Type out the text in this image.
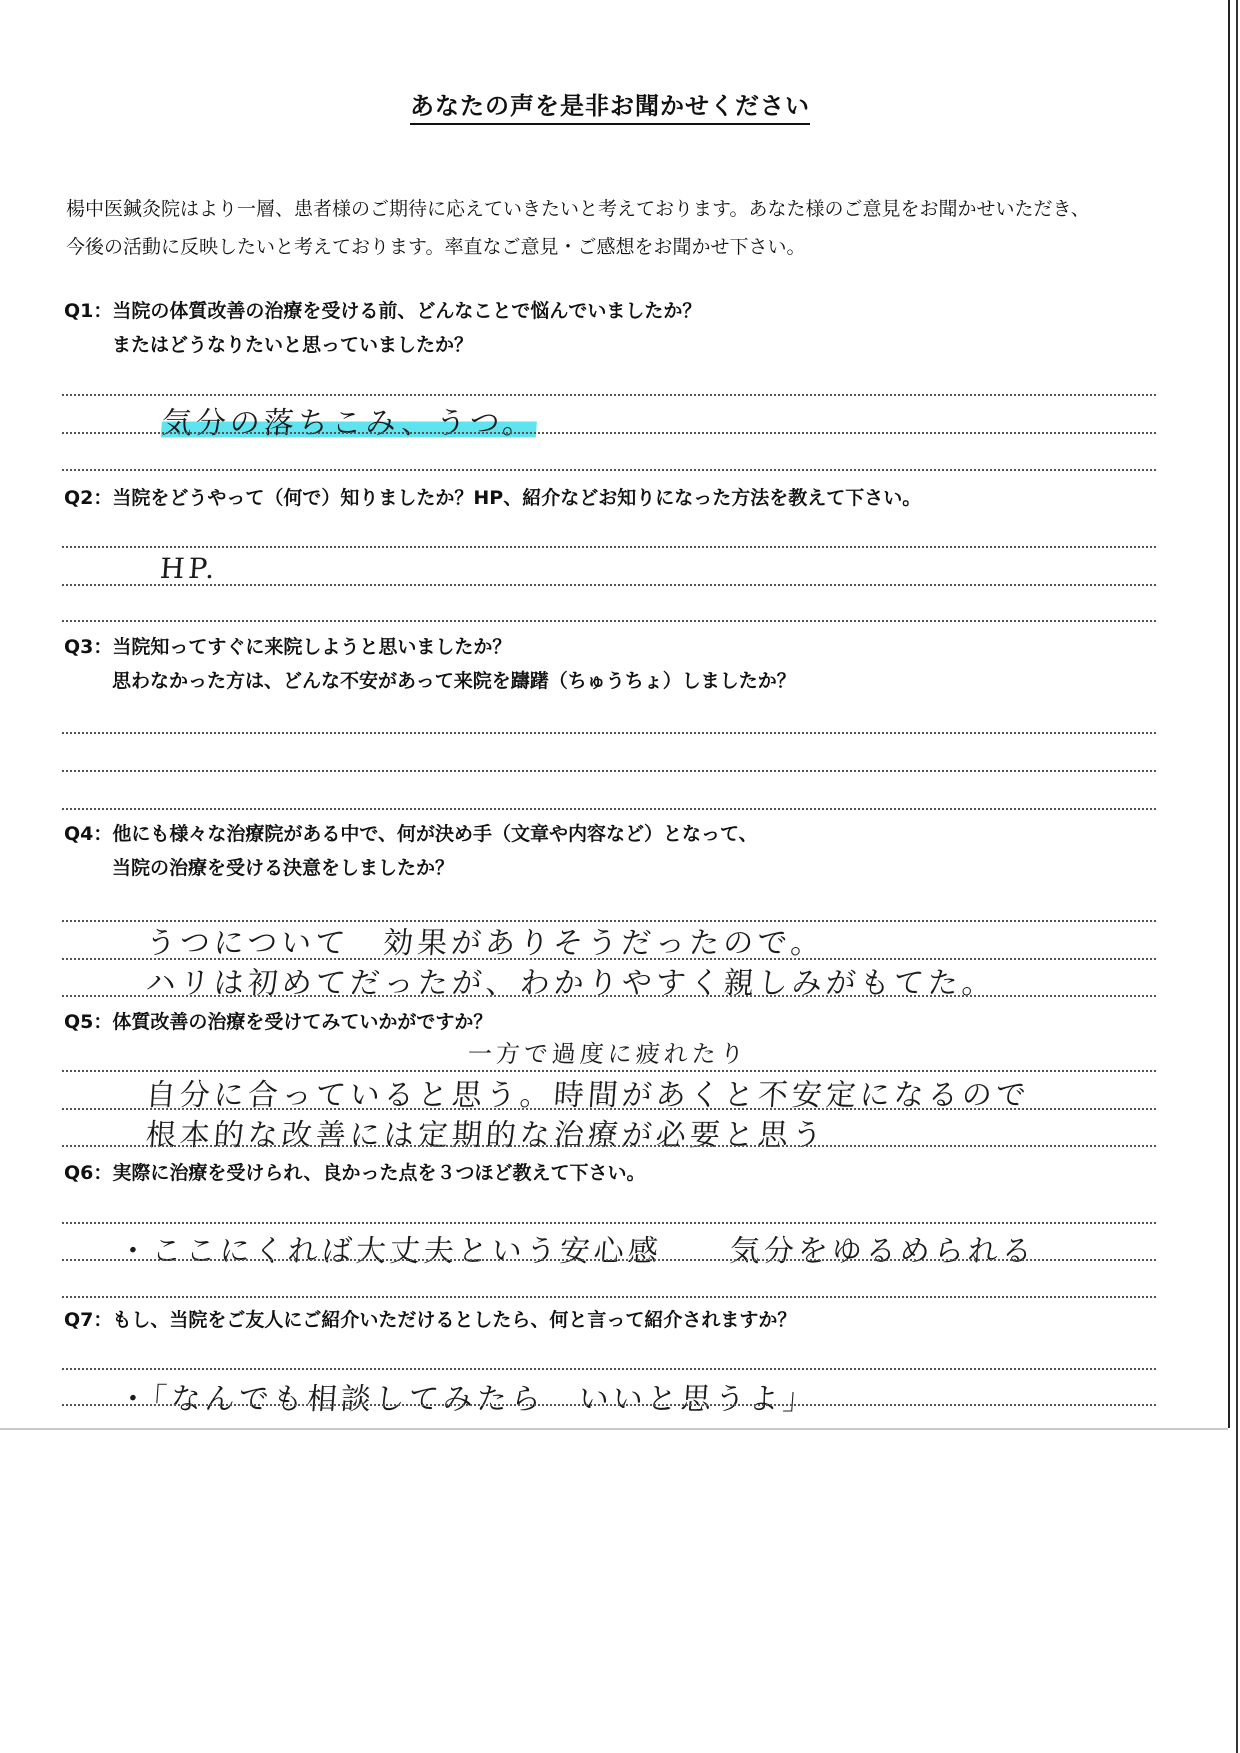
あなたの声を是非お聞かせください
楊中医鍼灸院はより一層、患者様のご期待に応えていきたいと考えております。あなた様のご意見をお聞かせいただき、
今後の活動に反映したいと考えております。率直なご意見・ご感想をお聞かせ下さい。
Q1：当院の体質改善の治療を受ける前、どんなことで悩んでいましたか？
またはどうなりたいと思っていましたか？
気分の落ちこみ、うつ。
Q2：当院をどうやって（何で）知りましたか？HP、紹介などお知りになった方法を教えて下さい。
HP.
Q3：当院知ってすぐに来院しようと思いましたか？
思わなかった方は、どんな不安があって来院を躊躇（ちゅうちょ）しましたか？
Q4：他にも様々な治療院がある中で、何が決め手（文章や内容など）となって、
当院の治療を受ける決意をしましたか？
うつについて　効果がありそうだったので。
ハリは初めてだったが、わかりやすく親しみがもてた。
Q5：体質改善の治療を受けてみていかがですか？
一方で過度に疲れたり
自分に合っていると思う。時間があくと不安定になるので
根本的な改善には定期的な治療が必要と思う
Q6：実際に治療を受けられ、良かった点を３つほど教えて下さい。
・ここにくれば大丈夫という安心感　　気分をゆるめられる
Q7：もし、当院をご友人にご紹介いただけるとしたら、何と言って紹介されますか？
・「なんでも相談してみたら　いいと思うよ」
